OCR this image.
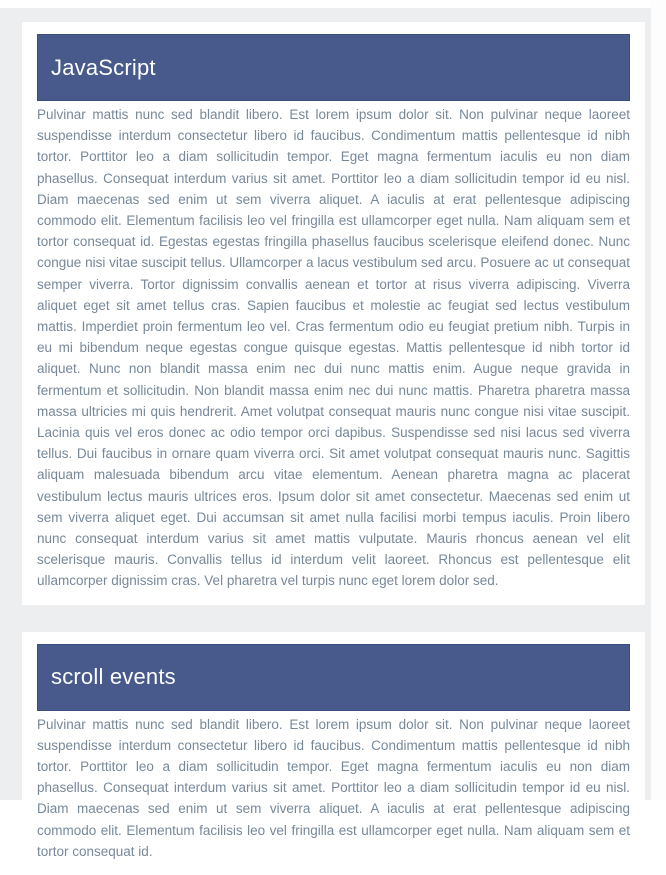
JavaScript

Pulvinar mattis nunc sed blandit libero. Est lorem ipsum dolor sit. Non pulvinar neque laoreet suspendisse interdum consectetur libero id faucibus. Condimentum mattis pellentesque id nibh tortor. Porttitor leo a diam sollicitudin tempor. Eget magna fermentum iaculis eu non diam phasellus. Consequat interdum varius sit amet. Porttitor leo a diam sollicitudin tempor id eu nisl. Diam maecenas sed enim ut sem viverra aliquet. A iaculis at erat pellentesque adipiscing commodo elit. Elementum facilisis leo vel fringilla est ullamcorper eget nulla. Nam aliquam sem et tortor consequat id. Egestas egestas fringilla phasellus faucibus scelerisque eleifend donec. Nunc congue nisi vitae suscipit tellus. Ullamcorper a lacus vestibulum sed arcu. Posuere ac ut consequat semper viverra. Tortor dignissim convallis aenean et tortor at risus viverra adipiscing. Viverra aliquet eget sit amet tellus cras. Sapien faucibus et molestie ac feugiat sed lectus vestibulum mattis. Imperdiet proin fermentum leo vel. Cras fermentum odio eu feugiat pretium nibh. Turpis in eu mi bibendum neque egestas congue quisque egestas. Mattis pellentesque id nibh tortor id aliquet. Nunc non blandit massa enim nec dui nunc mattis enim. Augue neque gravida in fermentum et sollicitudin. Non blandit massa enim nec dui nunc mattis. Pharetra pharetra massa massa ultricies mi quis hendrerit. Amet volutpat consequat mauris nunc congue nisi vitae suscipit. Lacinia quis vel eros donec ac odio tempor orci dapibus. Suspendisse sed nisi lacus sed viverra tellus. Dui faucibus in ornare quam viverra orci. Sit amet volutpat consequat mauris nunc. Sagittis aliquam malesuada bibendum arcu vitae elementum. Aenean pharetra magna ac placerat vestibulum lectus mauris ultrices eros. Ipsum dolor sit amet consectetur. Maecenas sed enim ut sem viverra aliquet eget. Dui accumsan sit amet nulla facilisi morbi tempus iaculis. Proin libero nunc consequat interdum varius sit amet mattis vulputate. Mauris rhoncus aenean vel elit scelerisque mauris. Convallis tellus id interdum velit laoreet. Rhoncus est pellentesque elit ullamcorper dignissim cras. Vel pharetra vel turpis nunc eget lorem dolor sed.

scroll events

Pulvinar mattis nunc sed blandit libero. Est lorem ipsum dolor sit. Non pulvinar neque laoreet suspendisse interdum consectetur libero id faucibus. Condimentum mattis pellentesque id nibh tortor. Porttitor leo a diam sollicitudin tempor. Eget magna fermentum iaculis eu non diam phasellus. Consequat interdum varius sit amet. Porttitor leo a diam sollicitudin tempor id eu nisl. Diam maecenas sed enim ut sem viverra aliquet. A iaculis at erat pellentesque adipiscing commodo elit. Elementum facilisis leo vel fringilla est ullamcorper eget nulla. Nam aliquam sem et tortor consequat id.
